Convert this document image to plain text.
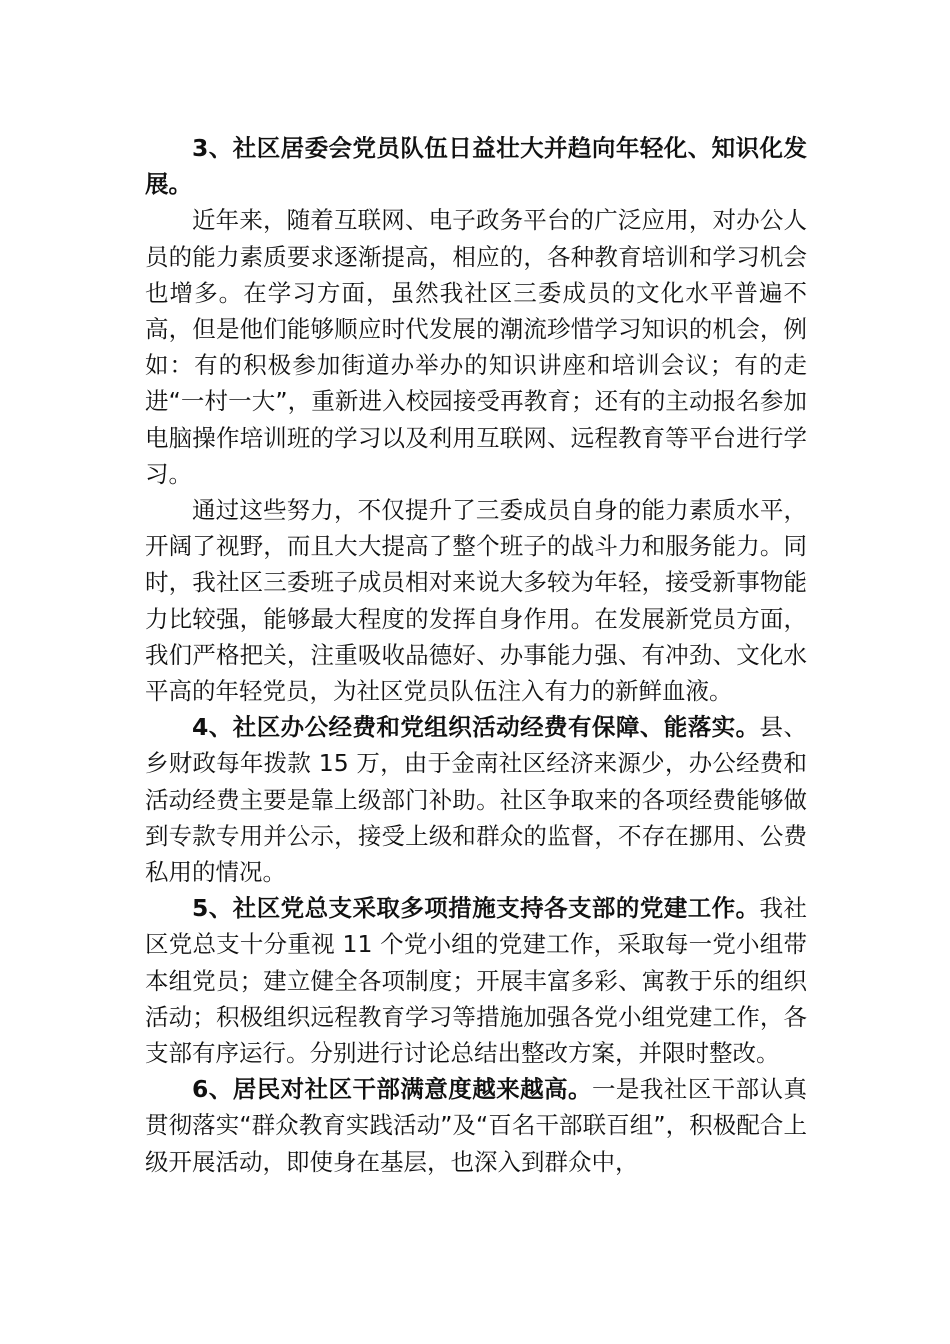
3、社区居委会党员队伍日益壮大并趋向年轻化、知识化发展。

近年来，随着互联网、电子政务平台的广泛应用，对办公人员的能力素质要求逐渐提高，相应的，各种教育培训和学习机会也增多。在学习方面，虽然我社区三委成员的文化水平普遍不高，但是他们能够顺应时代发展的潮流珍惜学习知识的机会，例如：有的积极参加街道办举办的知识讲座和培训会议；有的走进“一村一大”，重新进入校园接受再教育；还有的主动报名参加电脑操作培训班的学习以及利用互联网、远程教育等平台进行学习。

通过这些努力，不仅提升了三委成员自身的能力素质水平，开阔了视野，而且大大提高了整个班子的战斗力和服务能力。同时，我社区三委班子成员相对来说大多较为年轻，接受新事物能力比较强，能够最大程度的发挥自身作用。在发展新党员方面，我们严格把关，注重吸收品德好、办事能力强、有冲劲、文化水平高的年轻党员，为社区党员队伍注入有力的新鲜血液。

4、社区办公经费和党组织活动经费有保障、能落实。县、乡财政每年拨款 15 万，由于金南社区经济来源少，办公经费和活动经费主要是靠上级部门补助。社区争取来的各项经费能够做到专款专用并公示，接受上级和群众的监督，不存在挪用、公费私用的情况。

5、社区党总支采取多项措施支持各支部的党建工作。我社区党总支十分重视 11 个党小组的党建工作，采取每一党小组带本组党员；建立健全各项制度；开展丰富多彩、寓教于乐的组织活动；积极组织远程教育学习等措施加强各党小组党建工作，各支部有序运行。分别进行讨论总结出整改方案，并限时整改。

6、居民对社区干部满意度越来越高。一是我社区干部认真贯彻落实“群众教育实践活动”及“百名干部联百组”，积极配合上级开展活动，即使身在基层，也深入到群众中，
